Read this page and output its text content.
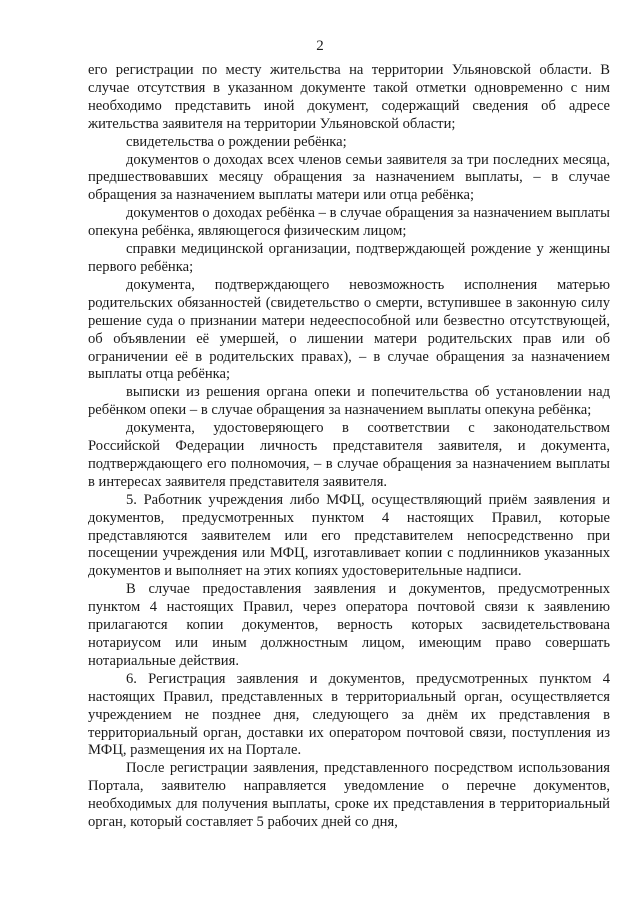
2

его регистрации по месту жительства на территории Ульяновской области. В случае отсутствия в указанном документе такой отметки одновременно с ним необходимо представить иной документ, содержащий сведения об адресе жительства заявителя на территории Ульяновской области;

свидетельства о рождении ребёнка;

документов о доходах всех членов семьи заявителя за три последних месяца, предшествовавших месяцу обращения за назначением выплаты, – в случае обращения за назначением выплаты матери или отца ребёнка;

документов о доходах ребёнка – в случае обращения за назначением выплаты опекуна ребёнка, являющегося физическим лицом;

справки медицинской организации, подтверждающей рождение у женщины первого ребёнка;

документа, подтверждающего невозможность исполнения матерью родительских обязанностей (свидетельство о смерти, вступившее в законную силу решение суда о признании матери недееспособной или безвестно отсутствующей, об объявлении её умершей, о лишении матери родительских прав или об ограничении её в родительских правах), – в случае обращения за назначением выплаты отца ребёнка;

выписки из решения органа опеки и попечительства об установлении над ребёнком опеки – в случае обращения за назначением выплаты опекуна ребёнка;

документа, удостоверяющего в соответствии с законодательством Российской Федерации личность представителя заявителя, и документа, подтверждающего его полномочия, – в случае обращения за назначением выплаты в интересах заявителя представителя заявителя.

5. Работник учреждения либо МФЦ, осуществляющий приём заявления и документов, предусмотренных пунктом 4 настоящих Правил, которые представляются заявителем или его представителем непосредственно при посещении учреждения или МФЦ, изготавливает копии с подлинников указанных документов и выполняет на этих копиях удостоверительные надписи.

В случае предоставления заявления и документов, предусмотренных пунктом 4 настоящих Правил, через оператора почтовой связи к заявлению прилагаются копии документов, верность которых засвидетельствована нотариусом или иным должностным лицом, имеющим право совершать нотариальные действия.

6. Регистрация заявления и документов, предусмотренных пунктом 4 настоящих Правил, представленных в территориальный орган, осуществляется учреждением не позднее дня, следующего за днём их представления в территориальный орган, доставки их оператором почтовой связи, поступления из МФЦ, размещения их на Портале.

После регистрации заявления, представленного посредством использования Портала, заявителю направляется уведомление о перечне документов, необходимых для получения выплаты, сроке их представления в территориальный орган, который составляет 5 рабочих дней со дня,
